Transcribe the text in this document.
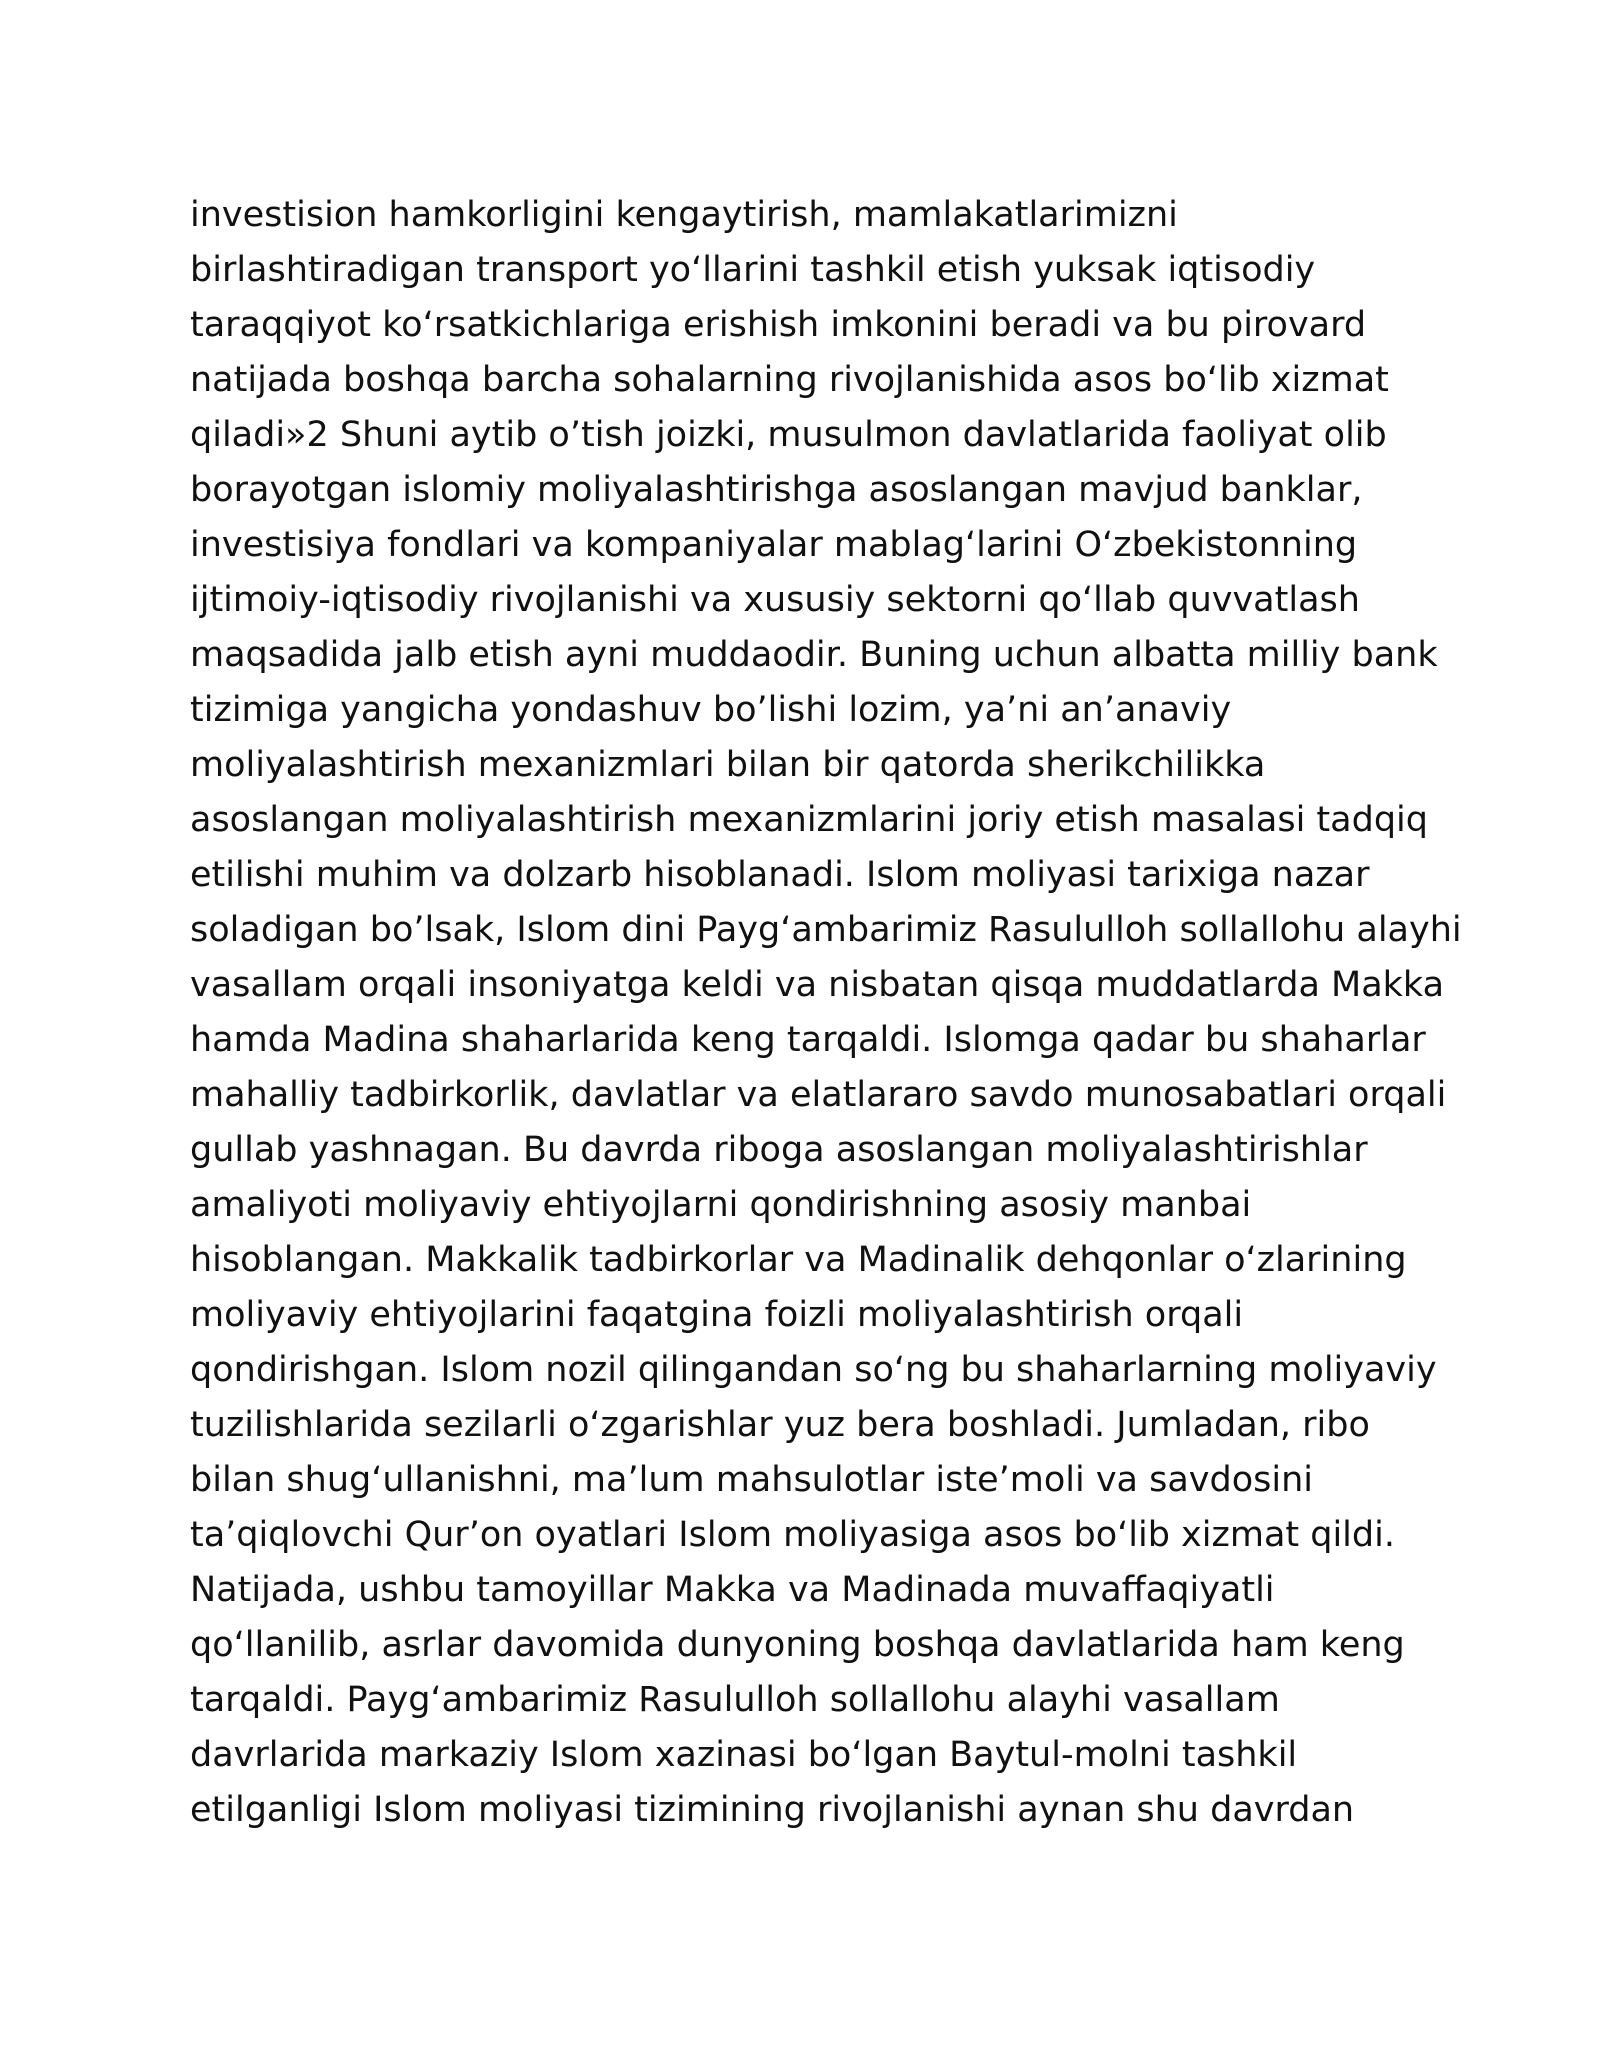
investision hamkorligini kengaytirish, mamlakatlarimizni
birlashtiradigan transport yo‘llarini tashkil etish yuksak iqtisodiy
taraqqiyot ko‘rsatkichlariga erishish imkonini beradi va bu pirovard
natijada boshqa barcha sohalarning rivojlanishida asos bo‘lib xizmat
qiladi»2 Shuni aytib o’tish joizki, musulmon davlatlarida faoliyat olib
borayotgan islomiy moliyalashtirishga asoslangan mavjud banklar,
investisiya fondlari va kompaniyalar mablag‘larini O‘zbekistonning
ijtimoiy-iqtisodiy rivojlanishi va xususiy sektorni qo‘llab quvvatlash
maqsadida jalb etish ayni muddaodir. Buning uchun albatta milliy bank
tizimiga yangicha yondashuv bo’lishi lozim, ya’ni an’anaviy
moliyalashtirish mexanizmlari bilan bir qatorda sherikchilikka
asoslangan moliyalashtirish mexanizmlarini joriy etish masalasi tadqiq
etilishi muhim va dolzarb hisoblanadi. Islom moliyasi tarixiga nazar
soladigan bo’lsak, Islom dini Payg‘ambarimiz Rasululloh sollallohu alayhi
vasallam orqali insoniyatga keldi va nisbatan qisqa muddatlarda Makka
hamda Madina shaharlarida keng tarqaldi. Islomga qadar bu shaharlar
mahalliy tadbirkorlik, davlatlar va elatlararo savdo munosabatlari orqali
gullab yashnagan. Bu davrda riboga asoslangan moliyalashtirishlar
amaliyoti moliyaviy ehtiyojlarni qondirishning asosiy manbai
hisoblangan. Makkalik tadbirkorlar va Madinalik dehqonlar o‘zlarining
moliyaviy ehtiyojlarini faqatgina foizli moliyalashtirish orqali
qondirishgan. Islom nozil qilingandan so‘ng bu shaharlarning moliyaviy
tuzilishlarida sezilarli o‘zgarishlar yuz bera boshladi. Jumladan, ribo
bilan shug‘ullanishni, ma’lum mahsulotlar iste’moli va savdosini
ta’qiqlovchi Qur’on oyatlari Islom moliyasiga asos bo‘lib xizmat qildi.
Natijada, ushbu tamoyillar Makka va Madinada muvaffaqiyatli
qo‘llanilib, asrlar davomida dunyoning boshqa davlatlarida ham keng
tarqaldi. Payg‘ambarimiz Rasululloh sollallohu alayhi vasallam
davrlarida markaziy Islom xazinasi bo‘lgan Baytul-molni tashkil
etilganligi Islom moliyasi tizimining rivojlanishi aynan shu davrdan
